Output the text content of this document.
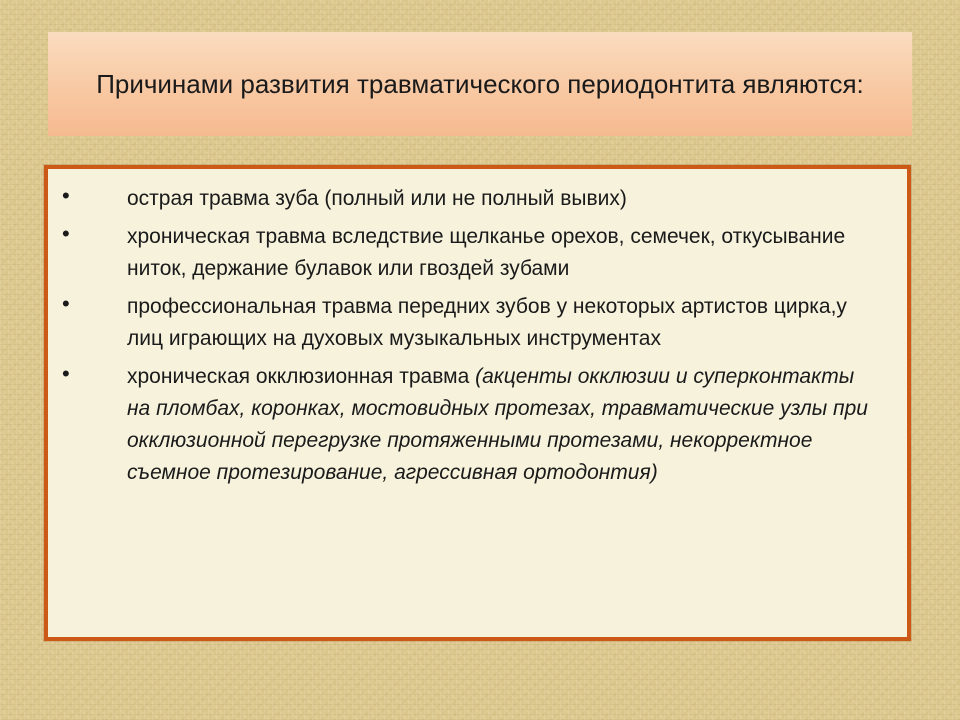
Причинами развития травматического периодонтита являются:
•	острая травма зуба (полный или не полный вывих)
•	хроническая травма вследствие щелканье орехов, семечек, откусывание ниток, держание булавок или гвоздей зубами
•	профессиональная травма передних зубов у некоторых артистов цирка,у лиц играющих на духовых музыкальных инструментах
•	хроническая окклюзионная травма (акценты окклюзии и суперконтакты на пломбах, коронках, мостовидных протезах, травматические узлы при окклюзионной перегрузке протяженными протезами, некорректное съемное протезирование, агрессивная ортодонтия)
